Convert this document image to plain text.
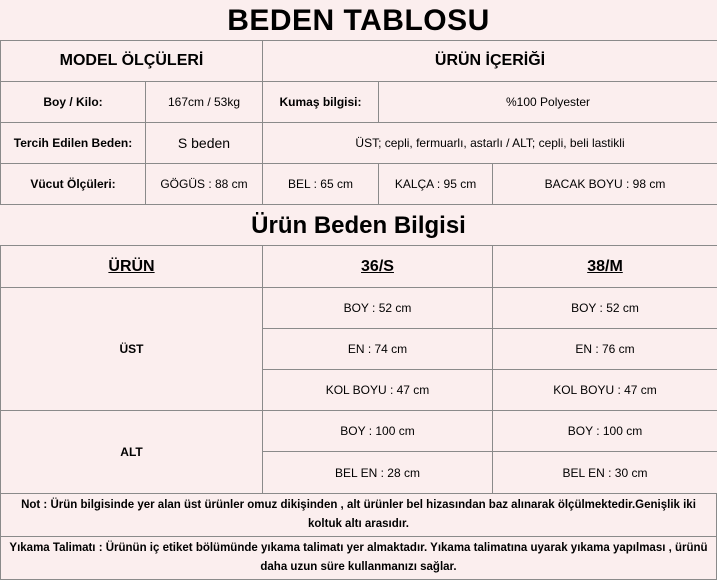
BEDEN TABLOSU
MODEL ÖLÇÜLERİ		ÜRÜN İÇERİĞİ		
Boy / Kilo:	167cm / 53kg	Kumaş bilgisi:	%100 Polyester	
Tercih Edilen Beden:	S beden	ÜST; cepli, fermuarlı, astarlı / ALT; cepli, beli lastikli		
Vücut Ölçüleri:	GÖGÜS : 88 cm	BEL : 65 cm	KALÇA : 95 cm	BACAK BOYU : 98 cm
Ürün Beden Bilgisi
ÜRÜN	36/S	38/M
ÜST	BOY : 52 cm	BOY : 52 cm
	EN : 74 cm	EN : 76 cm
	KOL BOYU : 47 cm	KOL BOYU : 47 cm
ALT	BOY : 100 cm	BOY : 100 cm
	BEL EN : 28 cm	BEL EN : 30 cm
Not : Ürün bilgisinde yer alan üst ürünler omuz dikişinden , alt ürünler bel hizasından baz alınarak ölçülmektedir.Genişlik iki koltuk altı arasıdır.
Yıkama Talimatı : Ürünün iç etiket bölümünde yıkama talimatı yer almaktadır. Yıkama talimatına uyarak yıkama yapılması , ürünü daha uzun süre kullanmanızı sağlar.
